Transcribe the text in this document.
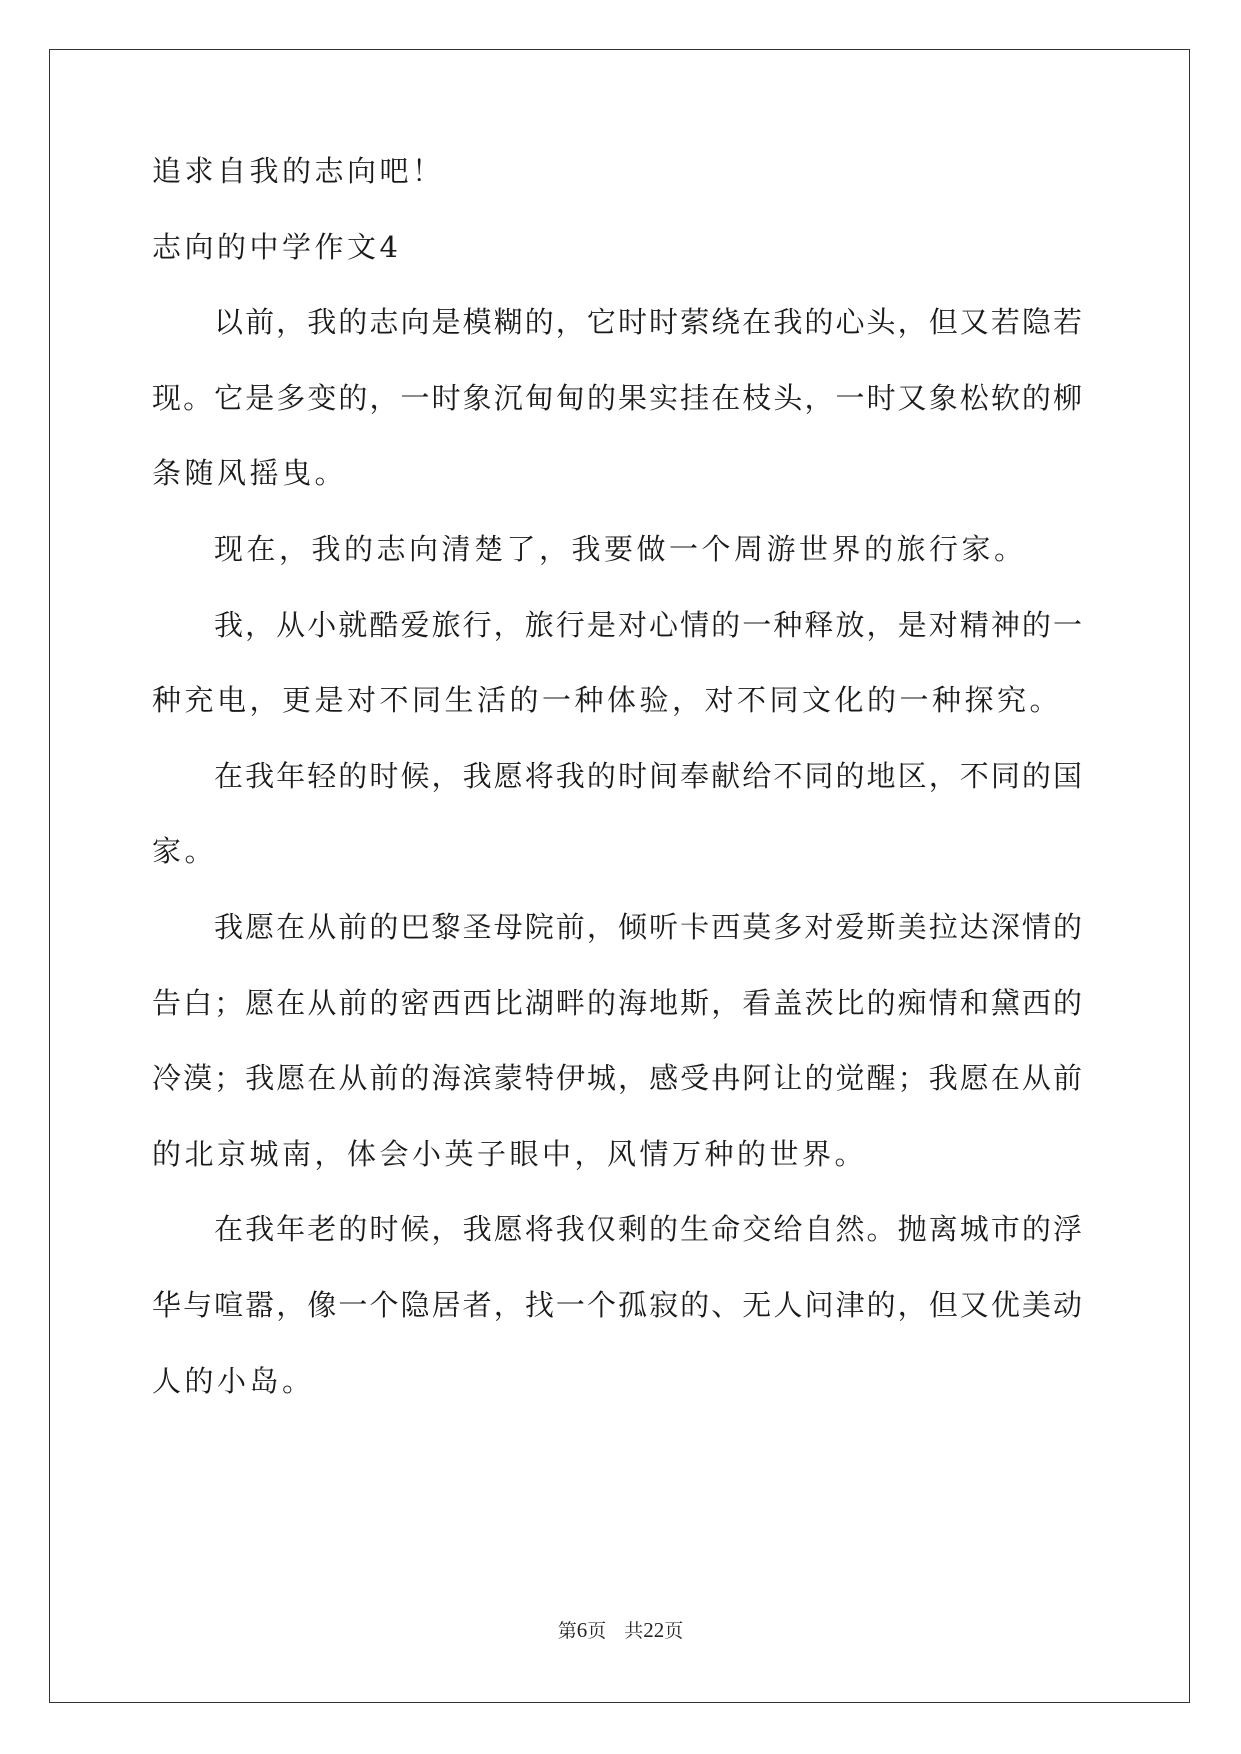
追求自我的志向吧！
志向的中学作文4
以前，我的志向是模糊的，它时时萦绕在我的心头，但又若隐若
现。它是多变的，一时象沉甸甸的果实挂在枝头，一时又象松软的柳
条随风摇曳。
现在，我的志向清楚了，我要做一个周游世界的旅行家。
我，从小就酷爱旅行，旅行是对心情的一种释放，是对精神的一
种充电，更是对不同生活的一种体验，对不同文化的一种探究。
在我年轻的时候，我愿将我的时间奉献给不同的地区，不同的国
家。
我愿在从前的巴黎圣母院前，倾听卡西莫多对爱斯美拉达深情的
告白；愿在从前的密西西比湖畔的海地斯，看盖茨比的痴情和黛西的
冷漠；我愿在从前的海滨蒙特伊城，感受冉阿让的觉醒；我愿在从前
的北京城南，体会小英子眼中，风情万种的世界。
在我年老的时候，我愿将我仅剩的生命交给自然。抛离城市的浮
华与喧嚣，像一个隐居者，找一个孤寂的、无人问津的，但又优美动
人的小岛。
第6页 共22页
